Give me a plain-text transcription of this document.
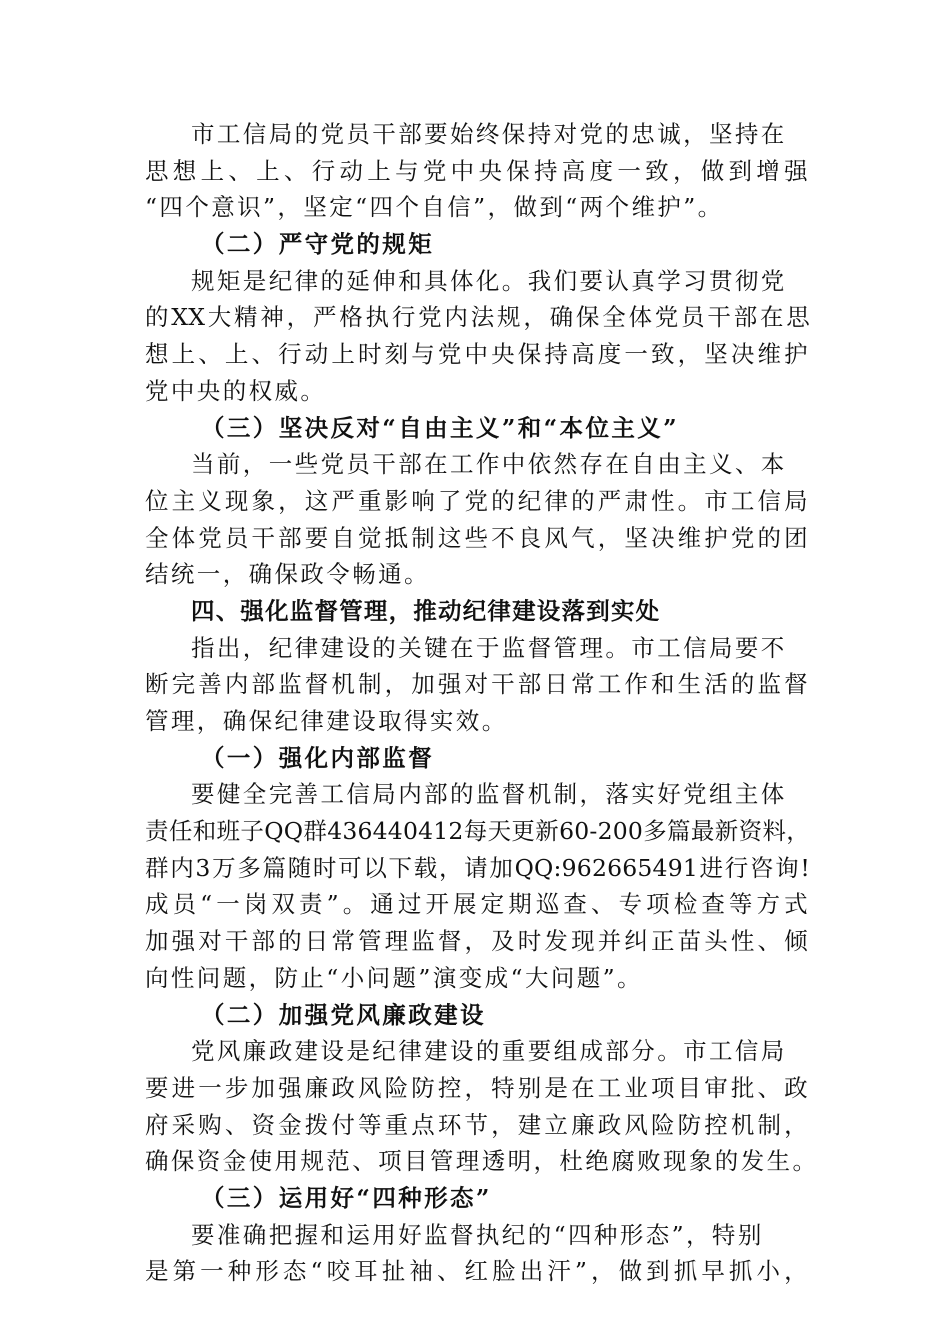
市工信局的党员干部要始终保持对党的忠诚，坚持在
思想上、上、行动上与党中央保持高度一致，做到增强
“四个意识”，坚定“四个自信”，做到“两个维护”。
（二）严守党的规矩
规矩是纪律的延伸和具体化。我们要认真学习贯彻党
的XX大精神，严格执行党内法规，确保全体党员干部在思
想上、上、行动上时刻与党中央保持高度一致，坚决维护
党中央的权威。
（三）坚决反对“自由主义”和“本位主义”
当前，一些党员干部在工作中依然存在自由主义、本
位主义现象，这严重影响了党的纪律的严肃性。市工信局
全体党员干部要自觉抵制这些不良风气，坚决维护党的团
结统一，确保政令畅通。
四、强化监督管理，推动纪律建设落到实处
指出，纪律建设的关键在于监督管理。市工信局要不
断完善内部监督机制，加强对干部日常工作和生活的监督
管理，确保纪律建设取得实效。
（一）强化内部监督
要健全完善工信局内部的监督机制，落实好党组主体
责任和班子QQ群436440412每天更新60-200多篇最新资料，
群内3万多篇随时可以下载，请加QQ:962665491进行咨询!
成员“一岗双责”。通过开展定期巡查、专项检查等方式
加强对干部的日常管理监督，及时发现并纠正苗头性、倾
向性问题，防止“小问题”演变成“大问题”。
（二）加强党风廉政建设
党风廉政建设是纪律建设的重要组成部分。市工信局
要进一步加强廉政风险防控，特别是在工业项目审批、政
府采购、资金拨付等重点环节，建立廉政风险防控机制，
确保资金使用规范、项目管理透明，杜绝腐败现象的发生。
（三）运用好“四种形态”
要准确把握和运用好监督执纪的“四种形态”，特别
是第一种形态“咬耳扯袖、红脸出汗”，做到抓早抓小，
